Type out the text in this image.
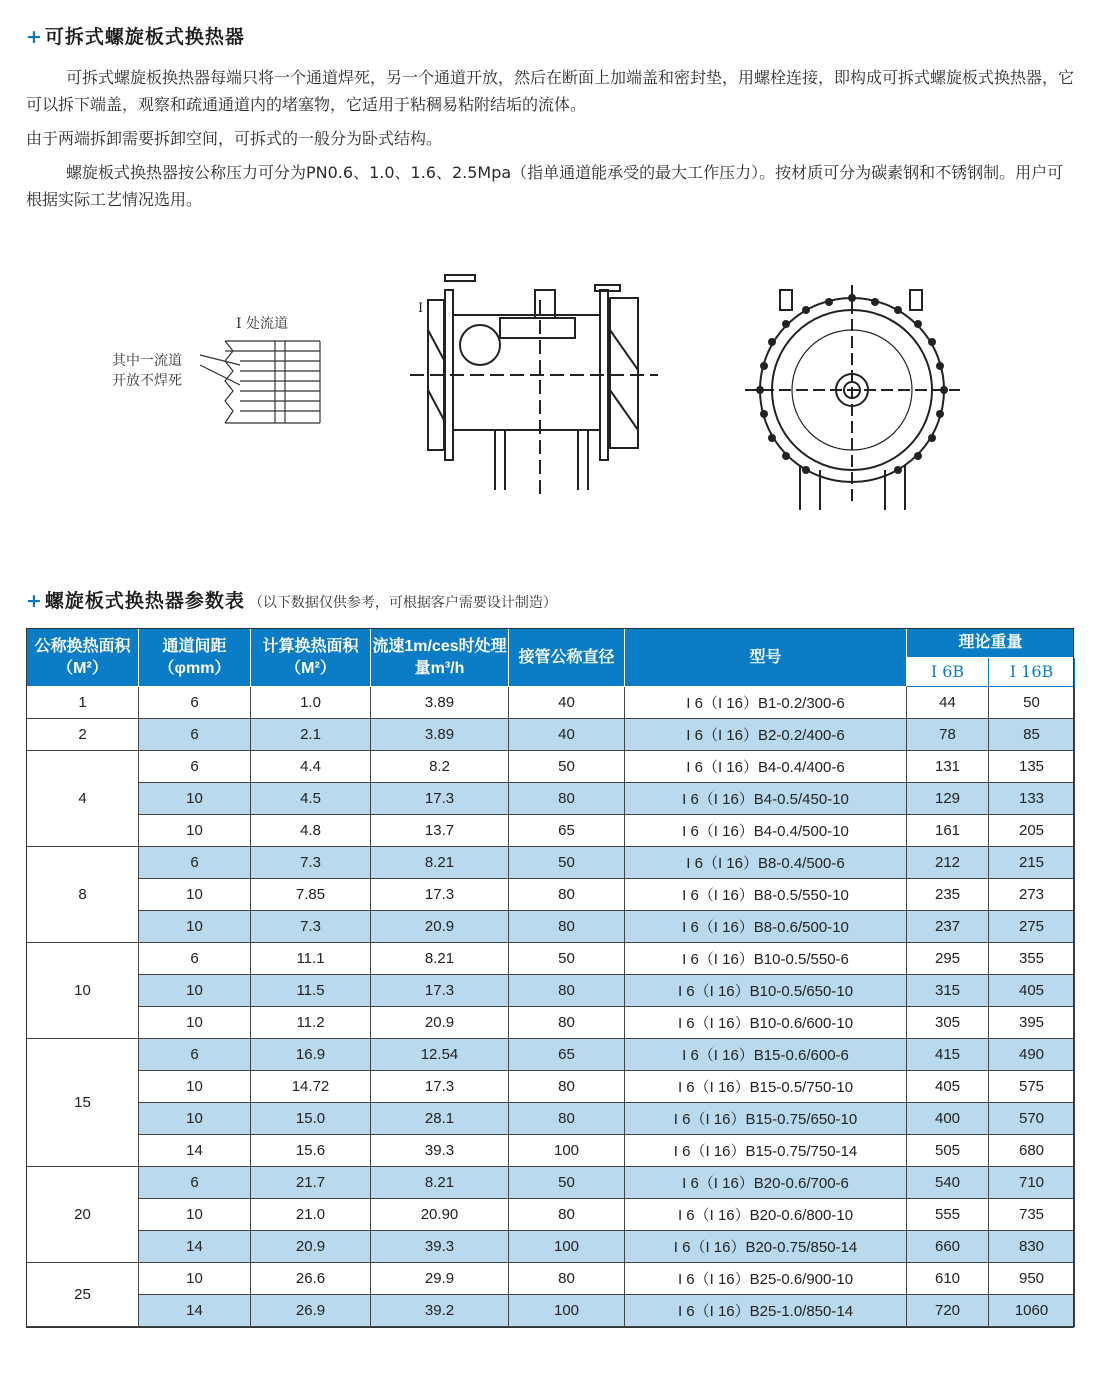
+ 可拆式螺旋板式换热器
可拆式螺旋板换热器每端只将一个通道焊死，另一个通道开放，然后在断面上加端盖和密封垫，用螺栓连接，即构成可拆式螺旋板式换热器，它可以拆下端盖，观察和疏通通道内的堵塞物，它适用于粘稠易粘附结垢的流体。
由于两端拆卸需要拆卸空间，可拆式的一般分为卧式结构。
螺旋板式换热器按公称压力可分为PN0.6、1.0、1.6、2.5Mpa（指单通道能承受的最大工作压力）。按材质可分为碳素钢和不锈钢制。用户可根据实际工艺情况选用。
I 处流道
其中一流道
开放不焊死
I
+ 螺旋板式换热器参数表 （以下数据仅供参考，可根据客户需要设计制造）
公称换热面积（M²）	通道间距（φmm）	计算换热面积（M²）	流速1m/ces时处理量m³/h	接管公称直径	型号	理论重量	
						I 6B	I 16B
1	6	1.0	3.89	40	I 6（I 16）B1-0.2/300-6	44	50
2	6	2.1	3.89	40	I 6（I 16）B2-0.2/400-6	78	85
4	6	4.4	8.2	50	I 6（I 16）B4-0.4/400-6	131	135
	10	4.5	17.3	80	I 6（I 16）B4-0.5/450-10	129	133
	10	4.8	13.7	65	I 6（I 16）B4-0.4/500-10	161	205
8	6	7.3	8.21	50	I 6（I 16）B8-0.4/500-6	212	215
	10	7.85	17.3	80	I 6（I 16）B8-0.5/550-10	235	273
	10	7.3	20.9	80	I 6（I 16）B8-0.6/500-10	237	275
10	6	11.1	8.21	50	I 6（I 16）B10-0.5/550-6	295	355
	10	11.5	17.3	80	I 6（I 16）B10-0.5/650-10	315	405
	10	11.2	20.9	80	I 6（I 16）B10-0.6/600-10	305	395
15	6	16.9	12.54	65	I 6（I 16）B15-0.6/600-6	415	490
	10	14.72	17.3	80	I 6（I 16）B15-0.5/750-10	405	575
	10	15.0	28.1	80	I 6（I 16）B15-0.75/650-10	400	570
	14	15.6	39.3	100	I 6（I 16）B15-0.75/750-14	505	680
20	6	21.7	8.21	50	I 6（I 16）B20-0.6/700-6	540	710
	10	21.0	20.90	80	I 6（I 16）B20-0.6/800-10	555	735
	14	20.9	39.3	100	I 6（I 16）B20-0.75/850-14	660	830
25	10	26.6	29.9	80	I 6（I 16）B25-0.6/900-10	610	950
	14	26.9	39.2	100	I 6（I 16）B25-1.0/850-14	720	1060
